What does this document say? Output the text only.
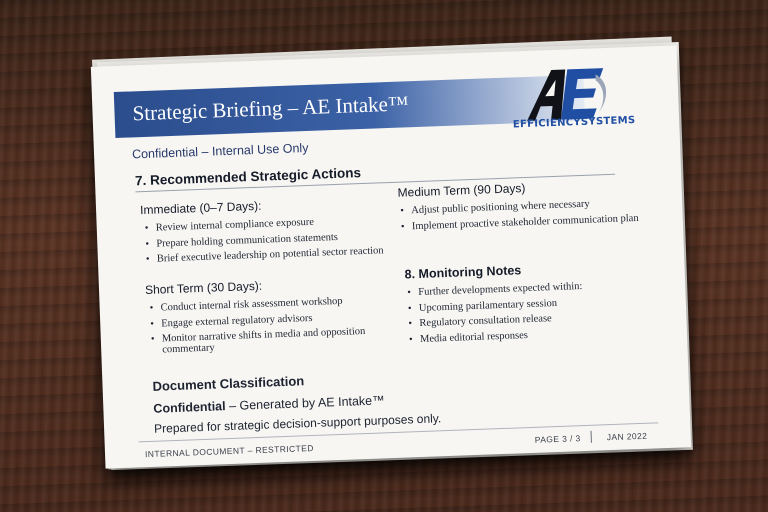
Strategic Briefing – AE Intake™	EFFICIENCYSYSTEMS
Confidential – Internal Use Only
7. Recommended Strategic Actions
Immediate (0–7 Days):
• Review internal compliance exposure
• Prepare holding communication statements
• Brief executive leadership on potential sector reaction
Medium Term (90 Days)
• Adjust public positioning where necessary
• Implement proactive stakeholder communication plan
Short Term (30 Days):
• Conduct internal risk assessment workshop
• Engage external regulatory advisors
• Monitor narrative shifts in media and opposition commentary
8. Monitoring Notes
• Further developments expected within:
• Upcoming parilamentary session
• Regulatory consultation release
• Media editorial responses
Document Classification
Confidential – Generated by AE Intake™
Prepared for strategic decision-support purposes only.
INTERNAL DOCUMENT – RESTRICTED
PAGE 3 / 3	JAN 2022
